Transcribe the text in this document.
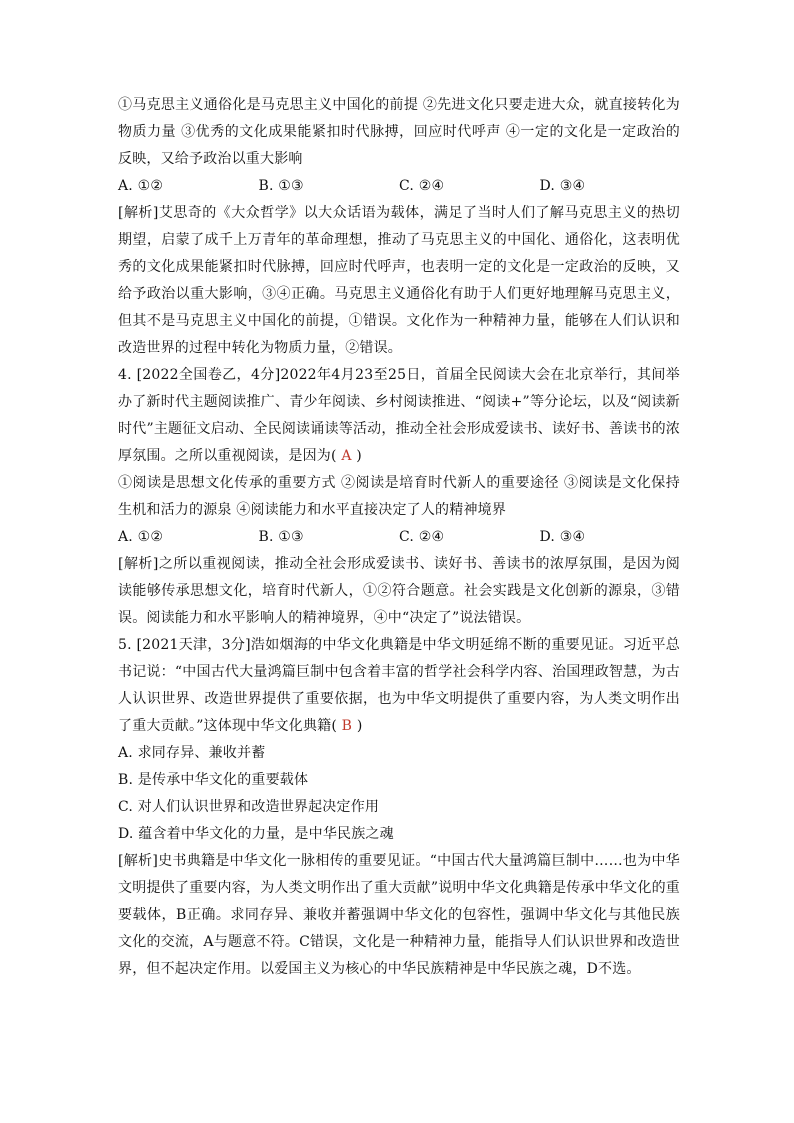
①马克思主义通俗化是马克思主义中国化的前提 ②先进文化只要走进大众，就直接转化为物质力量 ③优秀的文化成果能紧扣时代脉搏，回应时代呼声 ④一定的文化是一定政治的反映，又给予政治以重大影响

A. ①②	B. ①③	C. ②④	D. ③④

[解析]艾思奇的《大众哲学》以大众话语为载体，满足了当时人们了解马克思主义的热切期望，启蒙了成千上万青年的革命理想，推动了马克思主义的中国化、通俗化，这表明优秀的文化成果能紧扣时代脉搏，回应时代呼声，也表明一定的文化是一定政治的反映，又给予政治以重大影响，③④正确。马克思主义通俗化有助于人们更好地理解马克思主义，但其不是马克思主义中国化的前提，①错误。文化作为一种精神力量，能够在人们认识和改造世界的过程中转化为物质力量，②错误。

4. [2022全国卷乙，4分]2022年4月23至25日，首届全民阅读大会在北京举行，其间举办了新时代主题阅读推广、青少年阅读、乡村阅读推进、“阅读+”等分论坛，以及“阅读新时代”主题征文启动、全民阅读诵读等活动，推动全社会形成爱读书、读好书、善读书的浓厚氛围。之所以重视阅读，是因为( A )

①阅读是思想文化传承的重要方式 ②阅读是培育时代新人的重要途径 ③阅读是文化保持生机和活力的源泉 ④阅读能力和水平直接决定了人的精神境界

A. ①②	B. ①③	C. ②④	D. ③④

[解析]之所以重视阅读，推动全社会形成爱读书、读好书、善读书的浓厚氛围，是因为阅读能够传承思想文化，培育时代新人，①②符合题意。社会实践是文化创新的源泉，③错误。阅读能力和水平影响人的精神境界，④中“决定了”说法错误。

5. [2021天津，3分]浩如烟海的中华文化典籍是中华文明延绵不断的重要见证。习近平总书记说：“中国古代大量鸿篇巨制中包含着丰富的哲学社会科学内容、治国理政智慧，为古人认识世界、改造世界提供了重要依据，也为中华文明提供了重要内容，为人类文明作出了重大贡献。”这体现中华文化典籍( B )

A. 求同存异、兼收并蓄

B. 是传承中华文化的重要载体

C. 对人们认识世界和改造世界起决定作用

D. 蕴含着中华文化的力量，是中华民族之魂

[解析]史书典籍是中华文化一脉相传的重要见证。“中国古代大量鸿篇巨制中……也为中华文明提供了重要内容，为人类文明作出了重大贡献”说明中华文化典籍是传承中华文化的重要载体，B正确。求同存异、兼收并蓄强调中华文化的包容性，强调中华文化与其他民族文化的交流，A与题意不符。C错误，文化是一种精神力量，能指导人们认识世界和改造世界，但不起决定作用。以爱国主义为核心的中华民族精神是中华民族之魂，D不选。
